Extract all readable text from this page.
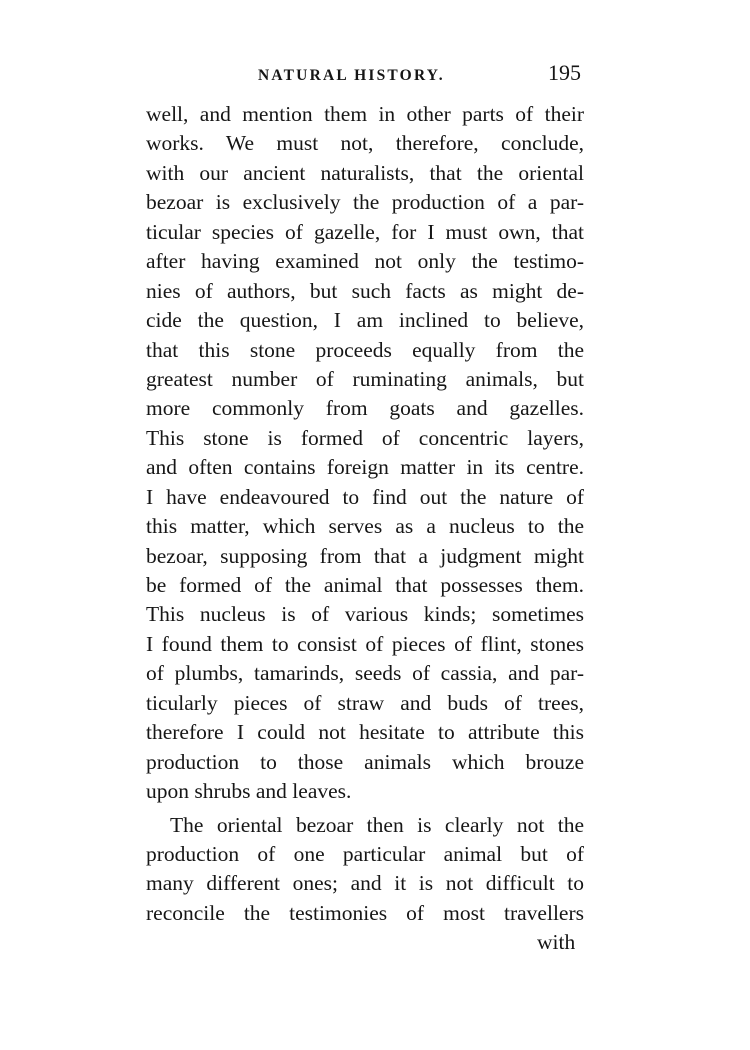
NATURAL HISTORY.	195
well, and mention them in other parts of their
works. We must not, therefore, conclude,
with our ancient naturalists, that the oriental
bezoar is exclusively the production of a par-
ticular species of gazelle, for I must own, that
after having examined not only the testimo-
nies of authors, but such facts as might de-
cide the question, I am inclined to believe,
that this stone proceeds equally from the
greatest number of ruminating animals, but
more commonly from goats and gazelles.
This stone is formed of concentric layers,
and often contains foreign matter in its centre.
I have endeavoured to find out the nature of
this matter, which serves as a nucleus to the
bezoar, supposing from that a judgment might
be formed of the animal that possesses them.
This nucleus is of various kinds; sometimes
I found them to consist of pieces of flint, stones
of plumbs, tamarinds, seeds of cassia, and par-
ticularly pieces of straw and buds of trees,
therefore I could not hesitate to attribute this
production to those animals which brouze
upon shrubs and leaves.
The oriental bezoar then is clearly not the
production of one particular animal but of
many different ones; and it is not difficult to
reconcile the testimonies of most travellers
with
